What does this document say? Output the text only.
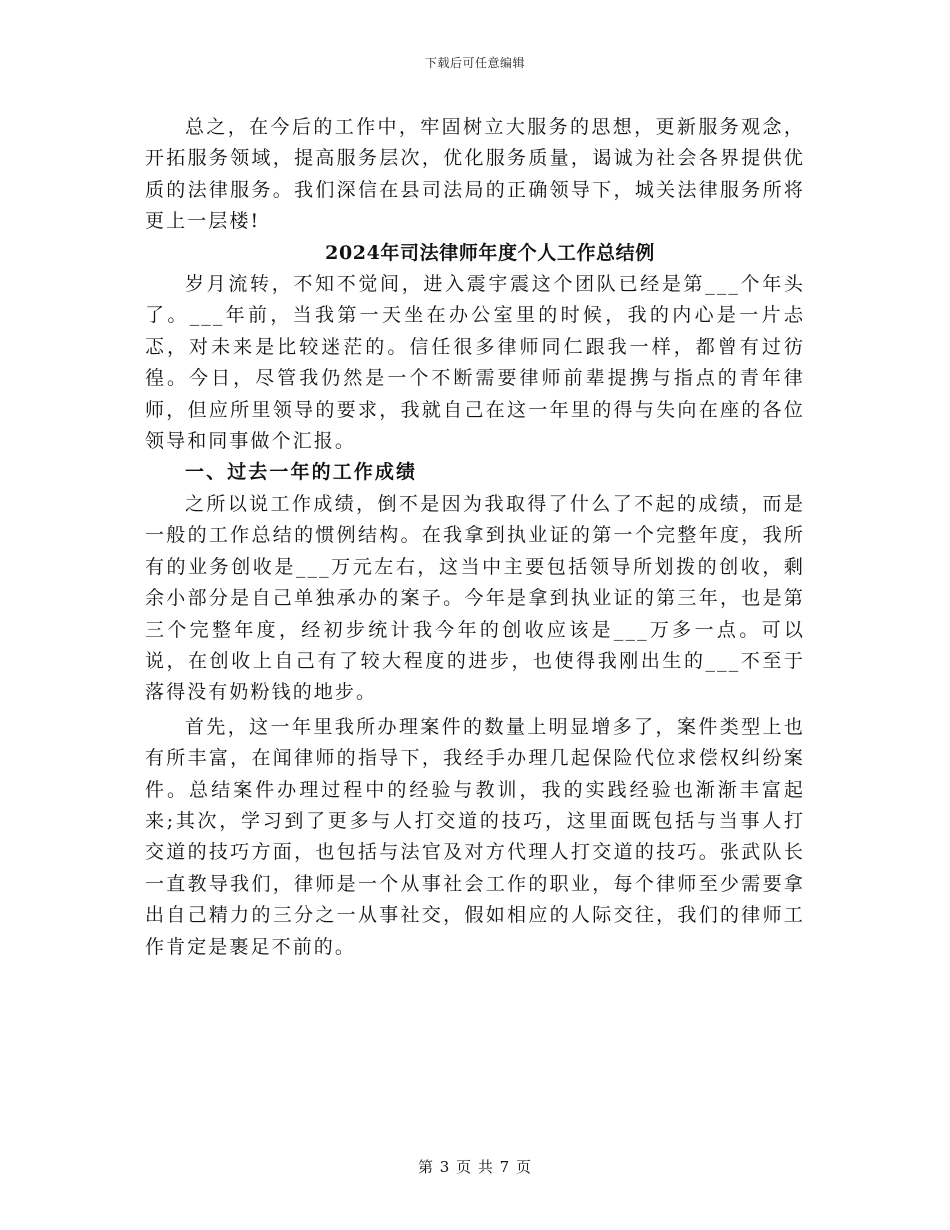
下载后可任意编辑

总之，在今后的工作中，牢固树立大服务的思想，更新服务观念，开拓服务领域，提高服务层次，优化服务质量，谒诚为社会各界提供优质的法律服务。我们深信在县司法局的正确领导下，城关法律服务所将更上一层楼!

2024年司法律师年度个人工作总结例

岁月流转，不知不觉间，进入震宇震这个团队已经是第___个年头了。___年前，当我第一天坐在办公室里的时候，我的内心是一片忐忑，对未来是比较迷茫的。信任很多律师同仁跟我一样，都曾有过彷徨。今日，尽管我仍然是一个不断需要律师前辈提携与指点的青年律师，但应所里领导的要求，我就自己在这一年里的得与失向在座的各位领导和同事做个汇报。

一、过去一年的工作成绩

之所以说工作成绩，倒不是因为我取得了什么了不起的成绩，而是一般的工作总结的惯例结构。在我拿到执业证的第一个完整年度，我所有的业务创收是___万元左右，这当中主要包括领导所划拨的创收，剩余小部分是自己单独承办的案子。今年是拿到执业证的第三年，也是第三个完整年度，经初步统计我今年的创收应该是___万多一点。可以说，在创收上自己有了较大程度的进步，也使得我刚出生的___不至于落得没有奶粉钱的地步。

首先，这一年里我所办理案件的数量上明显增多了，案件类型上也有所丰富，在闻律师的指导下，我经手办理几起保险代位求偿权纠纷案件。总结案件办理过程中的经验与教训，我的实践经验也渐渐丰富起来;其次，学习到了更多与人打交道的技巧，这里面既包括与当事人打交道的技巧方面，也包括与法官及对方代理人打交道的技巧。张武队长一直教导我们，律师是一个从事社会工作的职业，每个律师至少需要拿出自己精力的三分之一从事社交，假如相应的人际交往，我们的律师工作肯定是裹足不前的。

第 3 页 共 7 页
